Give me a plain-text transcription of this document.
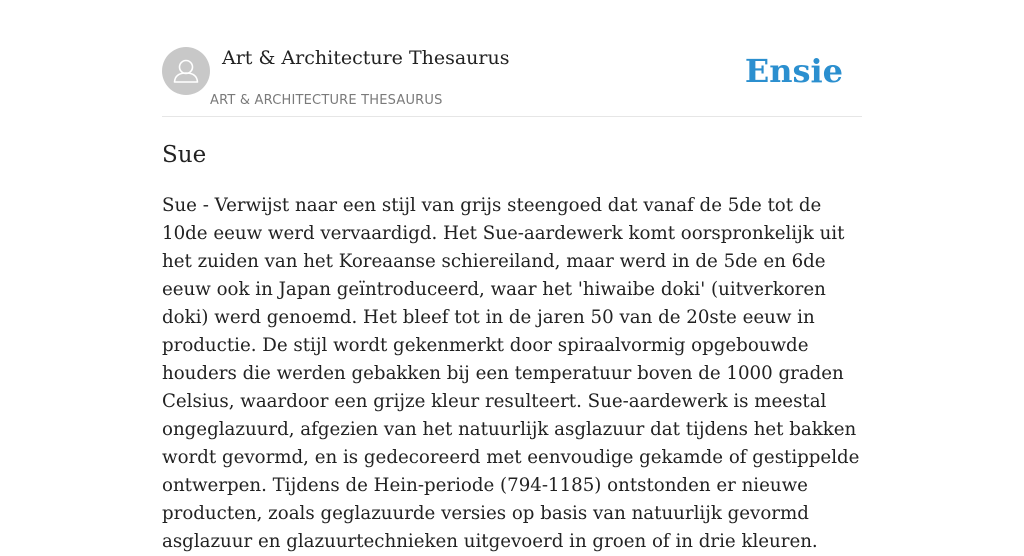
Art & Architecture Thesaurus
ART & ARCHITECTURE THESAURUS
Ensie
Sue

Sue - Verwijst naar een stijl van grijs steengoed dat vanaf de 5de tot de 10de eeuw werd vervaardigd. Het Sue-aardewerk komt oorspronkelijk uit het zuiden van het Koreaanse schiereiland, maar werd in de 5de en 6de eeuw ook in Japan geïntroduceerd, waar het 'hiwaibe doki' (uitverkoren doki) werd genoemd. Het bleef tot in de jaren 50 van de 20ste eeuw in productie. De stijl wordt gekenmerkt door spiraalvormig opgebouwde houders die werden gebakken bij een temperatuur boven de 1000 graden Celsius, waardoor een grijze kleur resulteert. Sue-aardewerk is meestal ongeglazuurd, afgezien van het natuurlijk asglazuur dat tijdens het bakken wordt gevormd, en is gedecoreerd met eenvoudige gekamde of gestippelde ontwerpen. Tijdens de Hein-periode (794-1185) ontstonden er nieuwe producten, zoals geglazuurde versies op basis van natuurlijk gevormd asglazuur en glazuurtechnieken uitgevoerd in groen of in drie kleuren.
